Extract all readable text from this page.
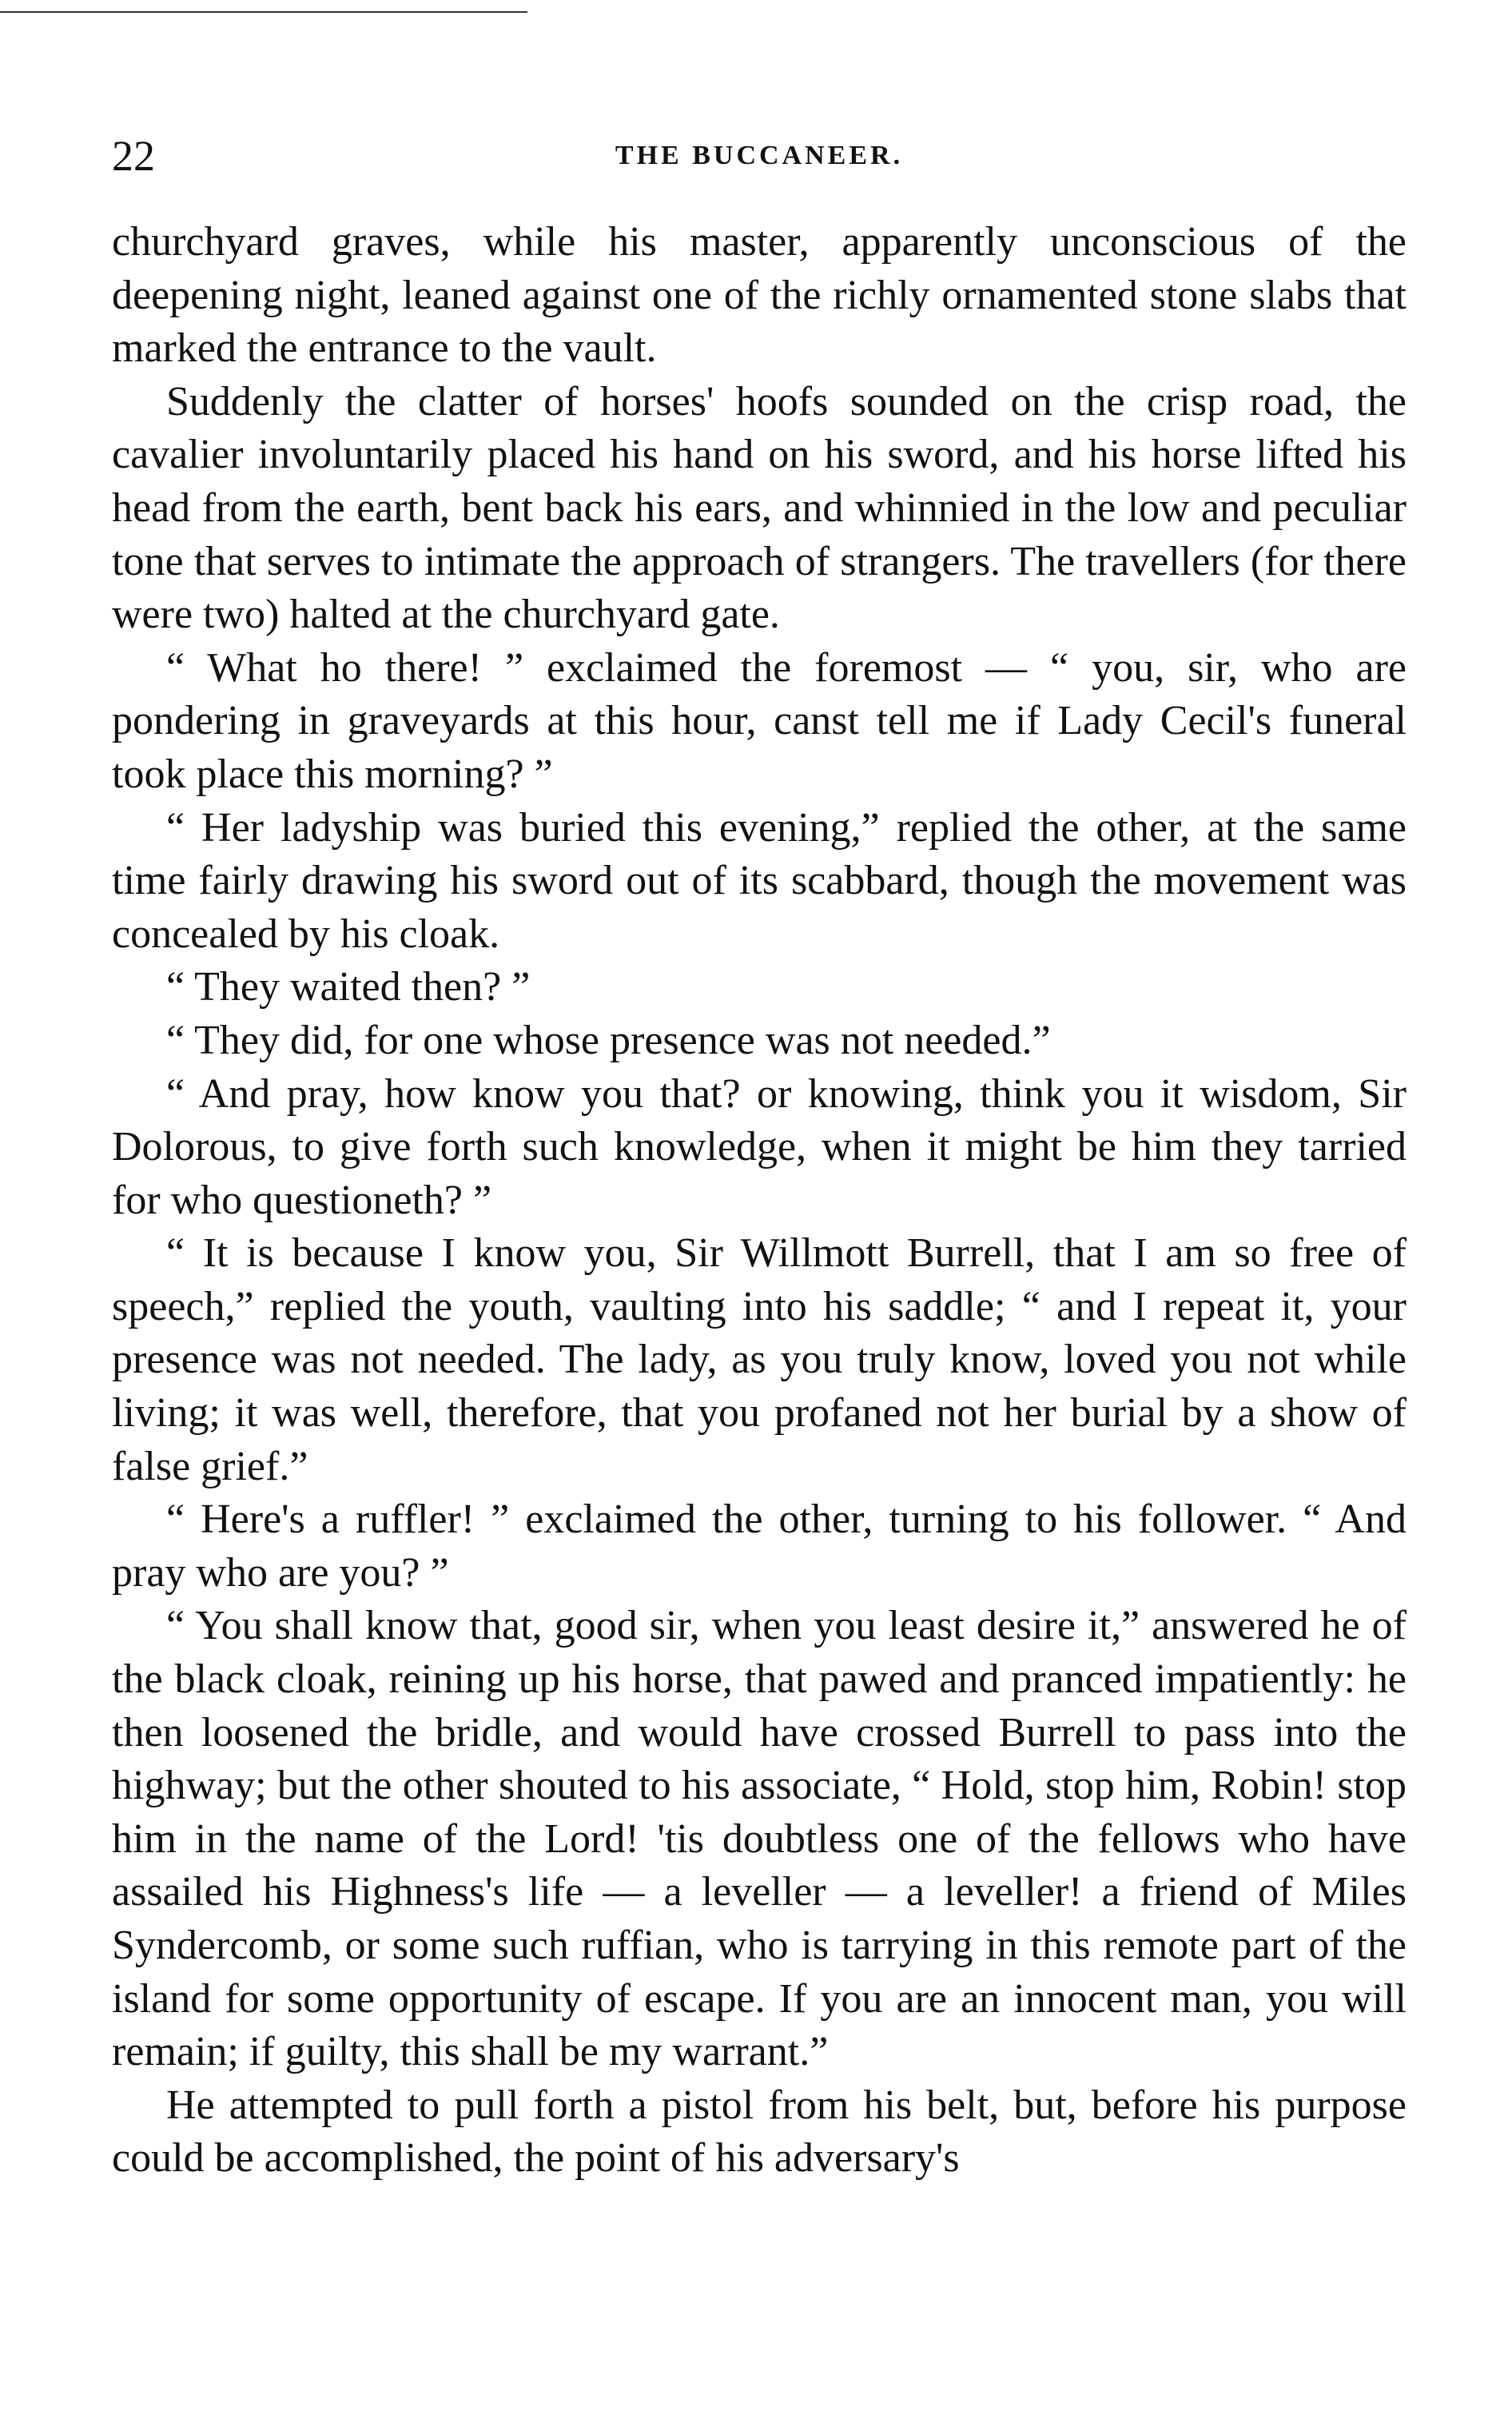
22	THE BUCCANEER.

churchyard graves, while his master, apparently unconscious of the deepening night, leaned against one of the richly ornamented stone slabs that marked the entrance to the vault.

Suddenly the clatter of horses' hoofs sounded on the crisp road, the cavalier involuntarily placed his hand on his sword, and his horse lifted his head from the earth, bent back his ears, and whinnied in the low and peculiar tone that serves to intimate the approach of strangers. The travellers (for there were two) halted at the churchyard gate.

“ What ho there! ” exclaimed the foremost — “ you, sir, who are pondering in graveyards at this hour, canst tell me if Lady Cecil's funeral took place this morning? ”

“ Her ladyship was buried this evening,” replied the other, at the same time fairly drawing his sword out of its scabbard, though the movement was concealed by his cloak.

“ They waited then? ”

“ They did, for one whose presence was not needed.”

“ And pray, how know you that? or knowing, think you it wisdom, Sir Dolorous, to give forth such knowledge, when it might be him they tarried for who questioneth? ”

“ It is because I know you, Sir Willmott Burrell, that I am so free of speech,” replied the youth, vaulting into his saddle; “ and I repeat it, your presence was not needed. The lady, as you truly know, loved you not while living; it was well, therefore, that you profaned not her burial by a show of false grief.”

“ Here's a ruffler! ” exclaimed the other, turning to his follower. “ And pray who are you? ”

“ You shall know that, good sir, when you least desire it,” answered he of the black cloak, reining up his horse, that pawed and pranced impatiently: he then loosened the bridle, and would have crossed Burrell to pass into the highway; but the other shouted to his associate, “ Hold, stop him, Robin! stop him in the name of the Lord! 'tis doubtless one of the fellows who have assailed his Highness's life — a leveller — a leveller! a friend of Miles Syndercomb, or some such ruffian, who is tarrying in this remote part of the island for some opportunity of escape. If you are an innocent man, you will remain; if guilty, this shall be my warrant.”

He attempted to pull forth a pistol from his belt, but, before his purpose could be accomplished, the point of his adversary's
